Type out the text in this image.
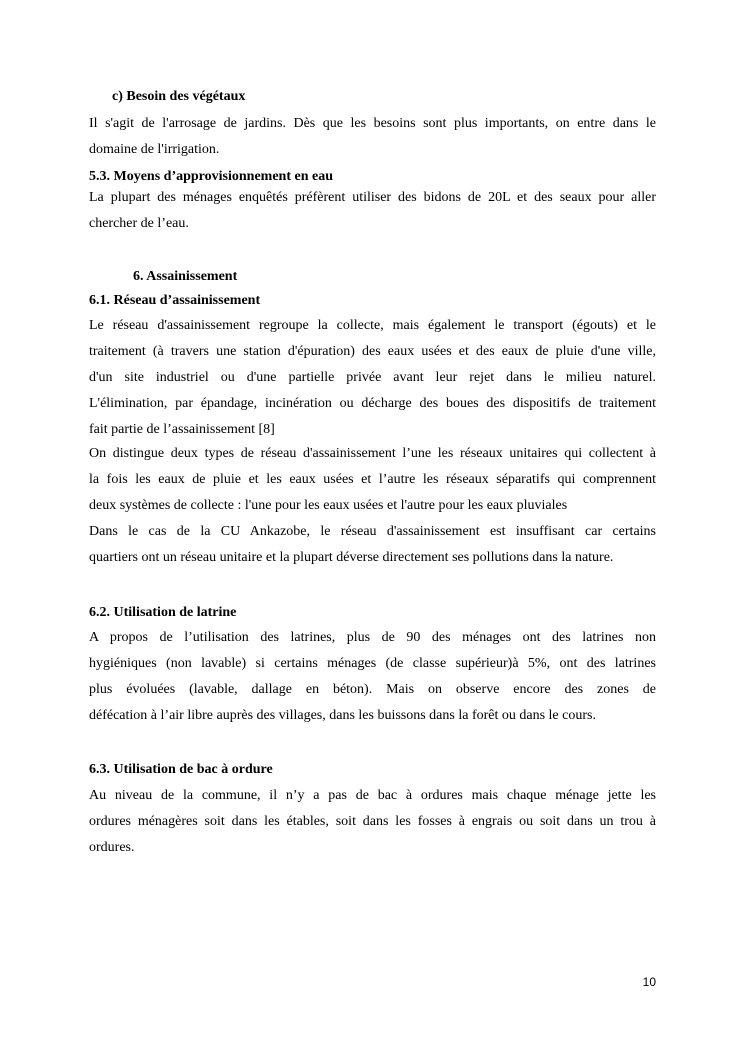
c) Besoin des végétaux
Il s'agit de l'arrosage de jardins. Dès que les besoins sont plus importants, on entre dans le
domaine de l'irrigation.
5.3. Moyens d’approvisionnement en eau
La plupart des ménages enquêtés préfèrent utiliser des bidons de 20L et des seaux pour aller
chercher de l’eau.
6. Assainissement
6.1. Réseau d’assainissement
Le réseau d'assainissement regroupe la collecte, mais également le transport (égouts) et le
traitement (à travers une station d'épuration) des eaux usées et des eaux de pluie d'une ville,
d'un site industriel ou d'une partielle privée avant leur rejet dans le milieu naturel.
L'élimination, par épandage, incinération ou décharge des boues des dispositifs de traitement
fait partie de l’assainissement [8]
On distingue deux types de réseau d'assainissement l’une les réseaux unitaires qui collectent à
la fois les eaux de pluie et les eaux usées et l’autre les réseaux séparatifs qui comprennent
deux systèmes de collecte : l'une pour les eaux usées et l'autre pour les eaux pluviales
Dans le cas de la CU Ankazobe, le réseau d'assainissement est insuffisant car certains
quartiers ont un réseau unitaire et la plupart déverse directement ses pollutions dans la nature.
6.2. Utilisation de latrine
A propos de l’utilisation des latrines, plus de 90 des ménages ont des latrines non
hygiéniques (non lavable) si certains ménages (de classe supérieur)à 5%, ont des latrines
plus évoluées (lavable, dallage en béton). Mais on observe encore des zones de
défécation à l’air libre auprès des villages, dans les buissons dans la forêt ou dans le cours.
6.3. Utilisation de bac à ordure
Au niveau de la commune, il n’y a pas de bac à ordures mais chaque ménage jette les
ordures ménagères soit dans les étables, soit dans les fosses à engrais ou soit dans un trou à
ordures.
10
